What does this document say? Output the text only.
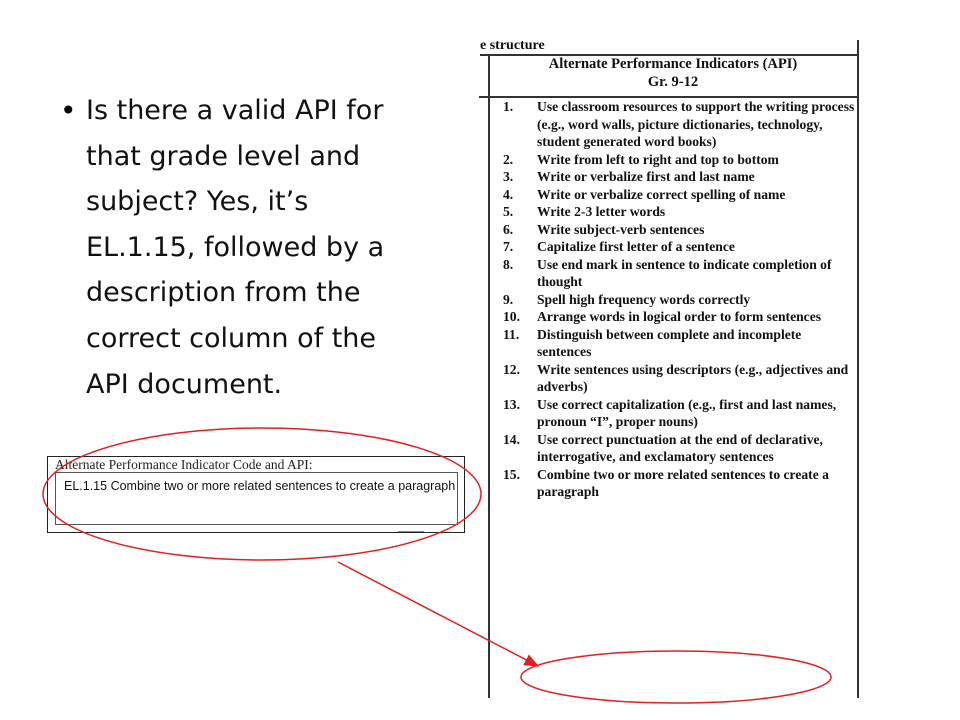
• Is there a valid API for that grade level and subject? Yes, it’s EL.1.15, followed by a description from the correct column of the API document.
Alternate Performance Indicator Code and API:
EL.1.15 Combine two or more related sentences to create a paragraph
e structure
Alternate Performance Indicators (API)
Gr. 9-12
1.	Use classroom resources to support the writing process (e.g., word walls, picture dictionaries, technology, student generated word books)
2.	Write from left to right and top to bottom
3.	Write or verbalize first and last name
4.	Write or verbalize correct spelling of name
5.	Write 2-3 letter words
6.	Write subject-verb sentences
7.	Capitalize first letter of a sentence
8.	Use end mark in sentence to indicate completion of thought
9.	Spell high frequency words correctly
10.	Arrange words in logical order to form sentences
11.	Distinguish between complete and incomplete sentences
12.	Write sentences using descriptors (e.g., adjectives and adverbs)
13.	Use correct capitalization (e.g., first and last names, pronoun “I”, proper nouns)
14.	Use correct punctuation at the end of declarative, interrogative, and exclamatory sentences
15.	Combine two or more related sentences to create a paragraph
